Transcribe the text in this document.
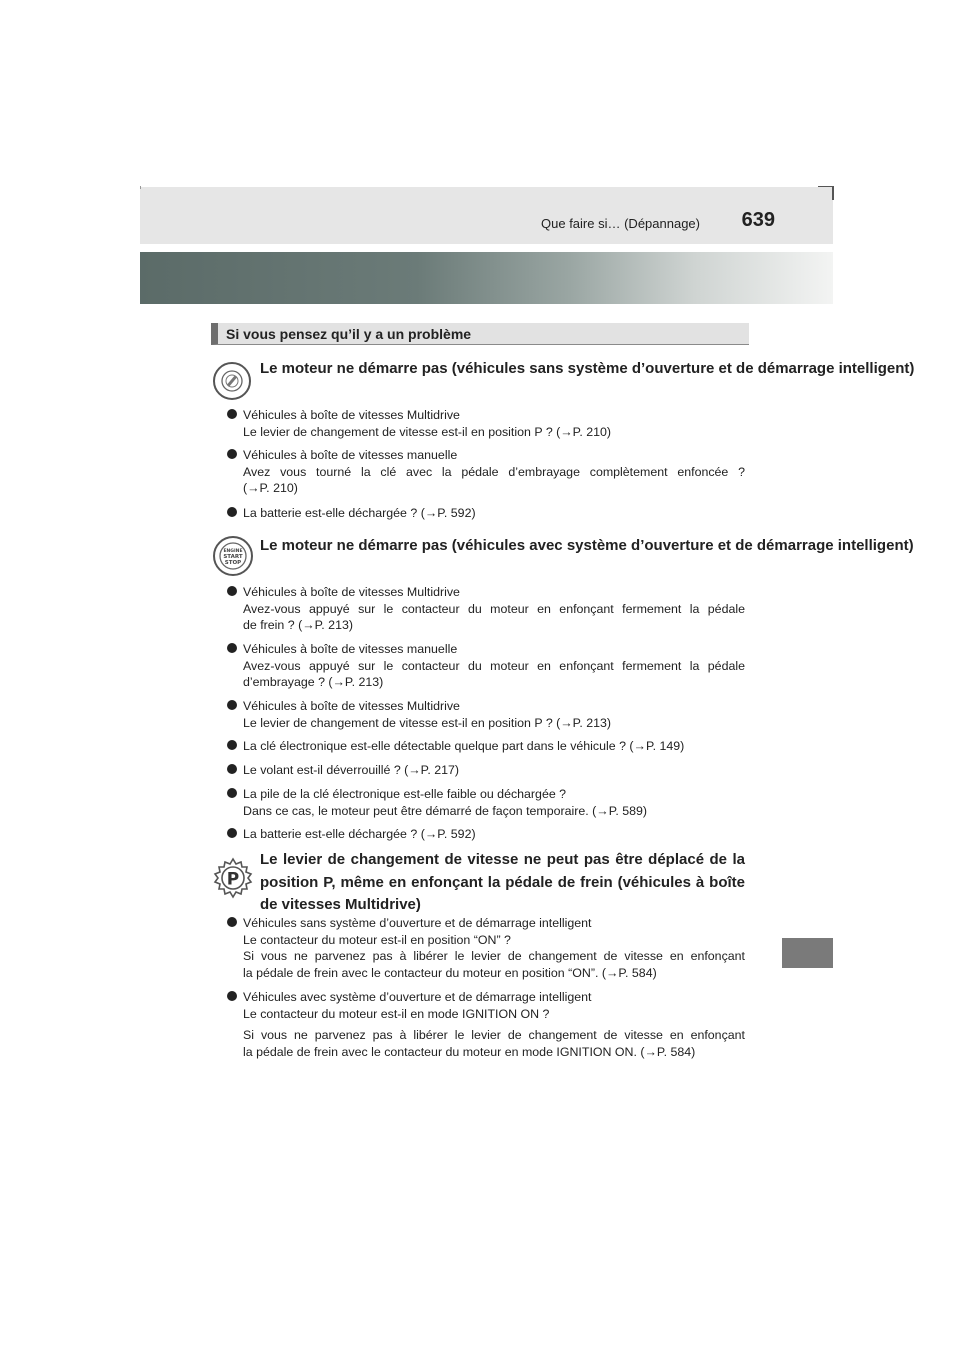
Que faire si… (Dépannage)	639
Si vous pensez qu’il y a un problème
Le moteur ne démarre pas (véhicules sans système d’ouverture et de démarrage intelligent)
Véhicules à boîte de vitesses Multidrive
Le levier de changement de vitesse est-il en position P ? (→P. 210)
Véhicules à boîte de vitesses manuelle
Avez vous tourné la clé avec la pédale d’embrayage complètement enfoncée ?
(→P. 210)
La batterie est-elle déchargée ? (→P. 592)
ENGINE
START
STOP
Le moteur ne démarre pas (véhicules avec système d’ouverture et de démarrage intelligent)
Véhicules à boîte de vitesses Multidrive
Avez-vous appuyé sur le contacteur du moteur en enfonçant fermement la pédale
de frein ? (→P. 213)
Véhicules à boîte de vitesses manuelle
Avez-vous appuyé sur le contacteur du moteur en enfonçant fermement la pédale
d’embrayage ? (→P. 213)
Véhicules à boîte de vitesses Multidrive
Le levier de changement de vitesse est-il en position P ? (→P. 213)
La clé électronique est-elle détectable quelque part dans le véhicule ? (→P. 149)
Le volant est-il déverrouillé ? (→P. 217)
La pile de la clé électronique est-elle faible ou déchargée ?
Dans ce cas, le moteur peut être démarré de façon temporaire. (→P. 589)
La batterie est-elle déchargée ? (→P. 592)
P
Le levier de changement de vitesse ne peut pas être déplacé de la position P, même en enfonçant la pédale de frein (véhicules à boîte de vitesses Multidrive)
Véhicules sans système d’ouverture et de démarrage intelligent
Le contacteur du moteur est-il en position “ON” ?
Si vous ne parvenez pas à libérer le levier de changement de vitesse en enfonçant
la pédale de frein avec le contacteur du moteur en position “ON”. (→P. 584)
Véhicules avec système d’ouverture et de démarrage intelligent
Le contacteur du moteur est-il en mode IGNITION ON ?
Si vous ne parvenez pas à libérer le levier de changement de vitesse en enfonçant
la pédale de frein avec le contacteur du moteur en mode IGNITION ON. (→P. 584)
